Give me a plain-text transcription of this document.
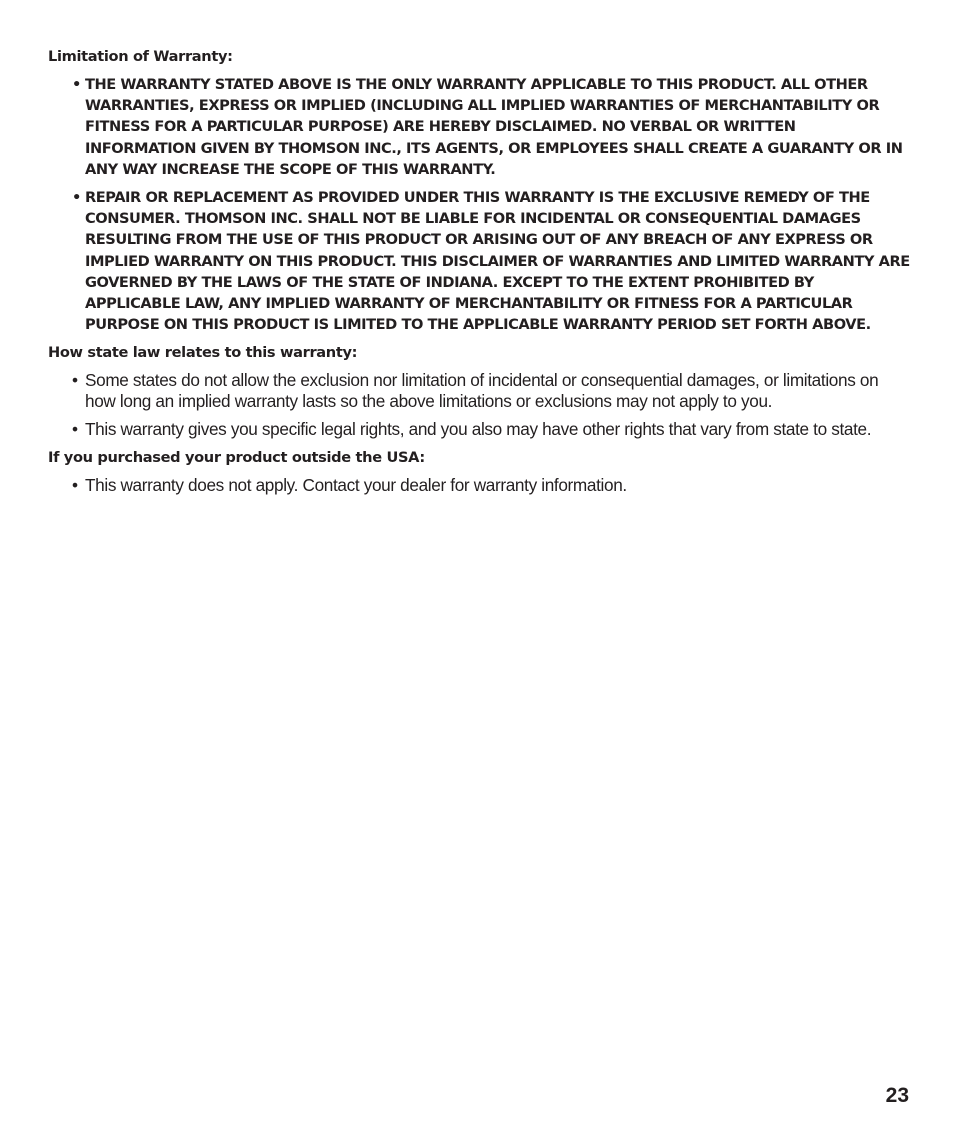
Limitation of Warranty:
• THE WARRANTY STATED ABOVE IS THE ONLY WARRANTY APPLICABLE TO THIS PRODUCT. ALL OTHER WARRANTIES, EXPRESS OR IMPLIED (INCLUDING ALL IMPLIED WARRANTIES OF MERCHANTABILITY OR FITNESS FOR A PARTICULAR PURPOSE) ARE HEREBY DISCLAIMED. NO VERBAL OR WRITTEN INFORMATION GIVEN BY THOMSON INC., ITS AGENTS, OR EMPLOYEES SHALL CREATE A GUARANTY OR IN ANY WAY INCREASE THE SCOPE OF THIS WARRANTY.
• REPAIR OR REPLACEMENT AS PROVIDED UNDER THIS WARRANTY IS THE EXCLUSIVE REMEDY OF THE CONSUMER. THOMSON INC. SHALL NOT BE LIABLE FOR INCIDENTAL OR CONSEQUENTIAL DAMAGES RESULTING FROM THE USE OF THIS PRODUCT OR ARISING OUT OF ANY BREACH OF ANY EXPRESS OR IMPLIED WARRANTY ON THIS PRODUCT. THIS DISCLAIMER OF WARRANTIES AND LIMITED WARRANTY ARE GOVERNED BY THE LAWS OF THE STATE OF INDIANA. EXCEPT TO THE EXTENT PROHIBITED BY APPLICABLE LAW, ANY IMPLIED WARRANTY OF MERCHANTABILITY OR FITNESS FOR A PARTICULAR PURPOSE ON THIS PRODUCT IS LIMITED TO THE APPLICABLE WARRANTY PERIOD SET FORTH ABOVE.
How state law relates to this warranty:
• Some states do not allow the exclusion nor limitation of incidental or consequential damages, or limitations on how long an implied warranty lasts so the above limitations or exclusions may not apply to you.
• This warranty gives you specific legal rights, and you also may have other rights that vary from state to state.
If you purchased your product outside the USA:
• This warranty does not apply. Contact your dealer for warranty information.
23
